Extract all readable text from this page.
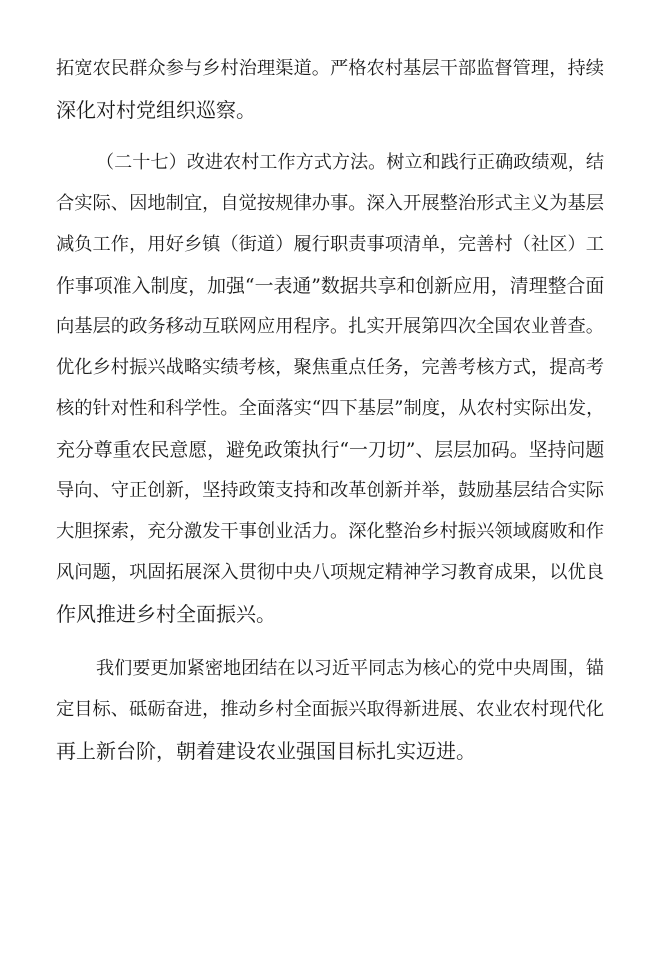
拓宽农民群众参与乡村治理渠道。严格农村基层干部监督管理，持续
深化对村党组织巡察。
（二十七）改进农村工作方式方法。树立和践行正确政绩观，结
合实际、因地制宜，自觉按规律办事。深入开展整治形式主义为基层
减负工作，用好乡镇（街道）履行职责事项清单，完善村（社区）工
作事项准入制度，加强“一表通”数据共享和创新应用，清理整合面
向基层的政务移动互联网应用程序。扎实开展第四次全国农业普查。
优化乡村振兴战略实绩考核，聚焦重点任务，完善考核方式，提高考
核的针对性和科学性。全面落实“四下基层”制度，从农村实际出发，
充分尊重农民意愿，避免政策执行“一刀切”、层层加码。坚持问题
导向、守正创新，坚持政策支持和改革创新并举，鼓励基层结合实际
大胆探索，充分激发干事创业活力。深化整治乡村振兴领域腐败和作
风问题，巩固拓展深入贯彻中央八项规定精神学习教育成果，以优良
作风推进乡村全面振兴。
我们要更加紧密地团结在以习近平同志为核心的党中央周围，锚
定目标、砥砺奋进，推动乡村全面振兴取得新进展、农业农村现代化
再上新台阶，朝着建设农业强国目标扎实迈进。
